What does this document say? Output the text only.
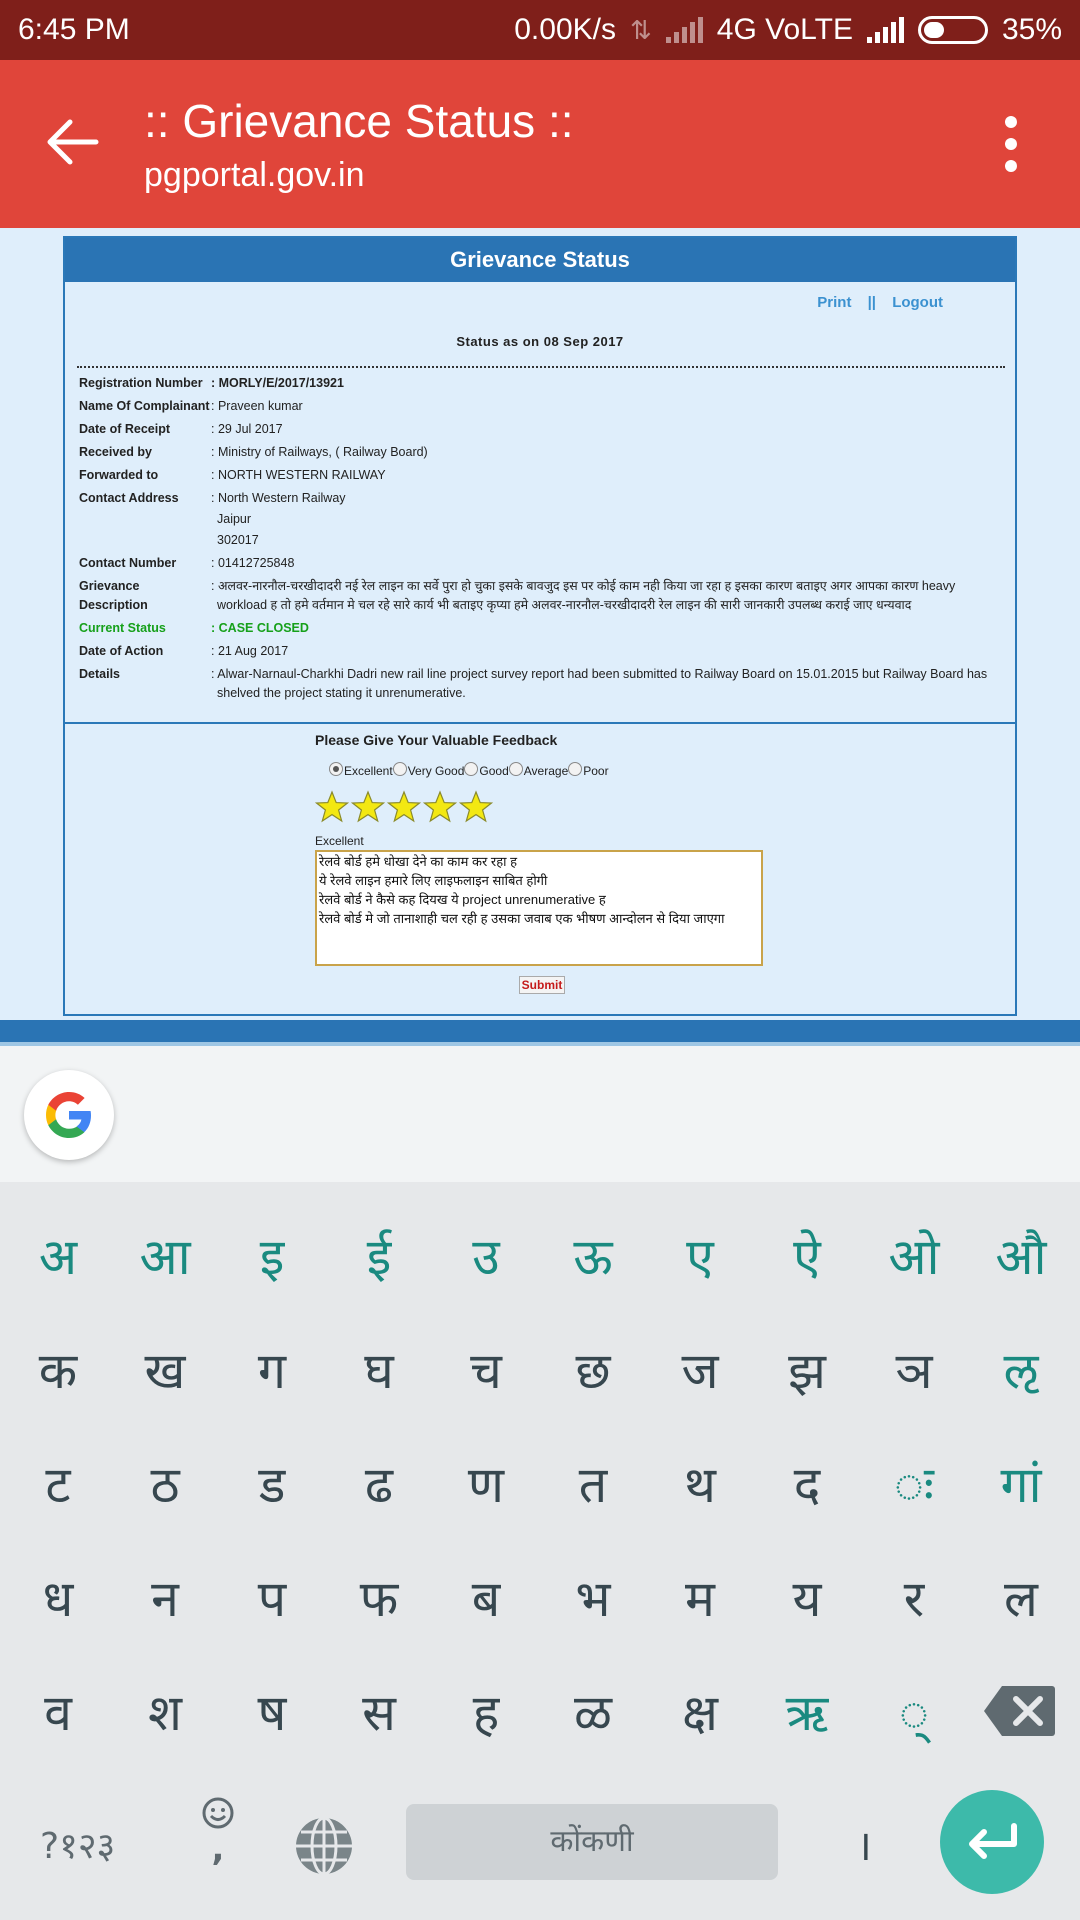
6:45 PM	0.00K/s ⇅ 4G VoLTE	35%
:: Grievance Status ::
pgportal.gov.in
Grievance Status
Print || Logout
Status as on 08 Sep 2017
Registration Number	: MORLY/E/2017/13921

Name Of Complainant	: Praveen kumar

Date of Receipt	: 29 Jul 2017

Received by	: Ministry of Railways, ( Railway Board)

Forwarded to	: NORTH WESTERN RAILWAY

Contact Address	: North Western Railway
Jaipur
302017

Contact Number	: 01412725848

Grievance Description	: अलवर-नारनौल-चरखीदादरी नई रेल लाइन का सर्वे पुरा हो चुका इसके बावजुद इस पर कोई काम नही किया जा रहा ह इसका कारण बताइए अगर आपका कारण heavy workload ह तो हमे वर्तमान मे चल रहे सारे कार्य भी बताइए कृप्या हमे अलवर-नारनौल-चरखीदादरी रेल लाइन की सारी जानकारी उपलब्ध कराई जाए धन्यवाद

Current Status	: CASE CLOSED

Date of Action	: 21 Aug 2017

Details	: Alwar-Narnaul-Charkhi Dadri new rail line project survey report had been submitted to Railway Board on 15.01.2015 but Railway Board has shelved the project stating it unrenumerative.
Please Give Your Valuable Feedback
Excellent	Very Good	Good	Average	Poor
Excellent
रेलवे बोर्ड हमे धोखा देने का काम कर रहा ह
ये रेलवे लाइन हमारे लिए लाइफलाइन साबित होगी
रेलवे बोर्ड ने कैसे कह दियख ये project unrenumerative ह
रेलवे बोर्ड मे जो तानाशाही चल रही ह उसका जवाब एक भीषण आन्दोलन से दिया जाएगा
Submit
अ	आ	इ	ई	उ	ऊ	ए	ऐ	ओ	औ
क	ख	ग	घ	च	छ	ज	झ	ञ	ऌ
ट	ठ	ड	ढ	ण	त	थ	द	ः	गां
ध	न	प	फ	ब	भ	म	य	र	ल
व	श	ष	स	ह	ळ	क्ष	ऋ	्
?१२३	,	कोंकणी	।
